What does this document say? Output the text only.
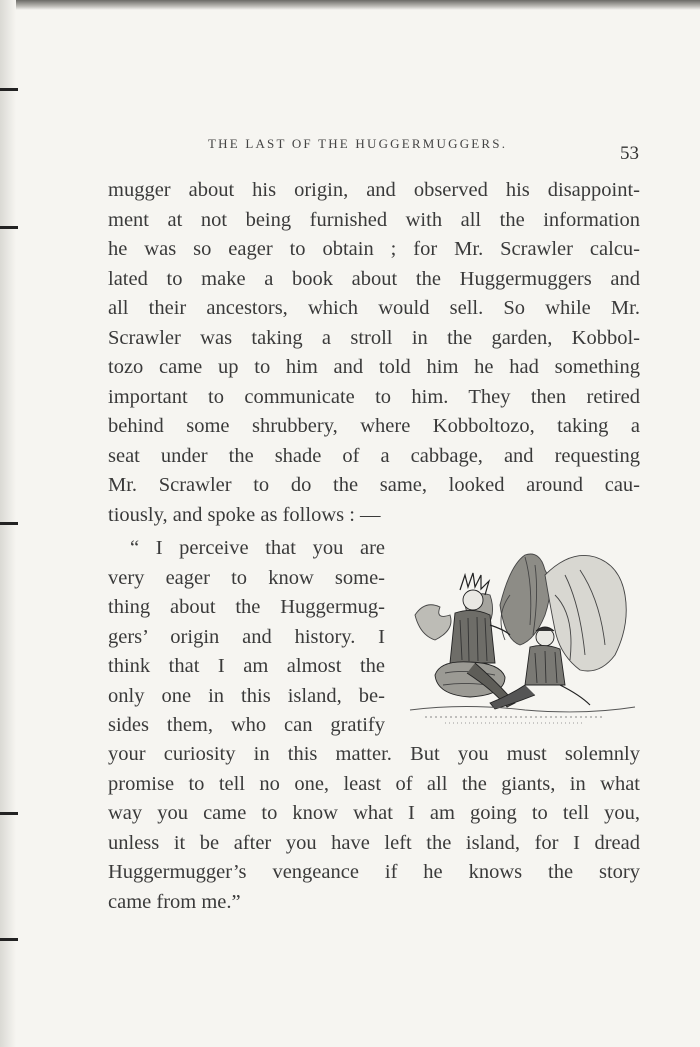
THE LAST OF THE HUGGERMUGGERS.	53
mugger about his origin, and observed his disappoint-
ment at not being furnished with all the information
he was so eager to obtain ; for Mr. Scrawler calcu-
lated to make a book about the Huggermuggers and
all their ancestors, which would sell. So while Mr.
Scrawler was taking a stroll in the garden, Kobbol-
tozo came up to him and told him he had something
important to communicate to him. They then retired
behind some shrubbery, where Kobboltozo, taking a
seat under the shade of a cabbage, and requesting
Mr. Scrawler to do the same, looked around cau-
tiously, and spoke as follows : —
“ I perceive that you are
very eager to know some-
thing about the Huggermug-
gers’ origin and history. I
think that I am almost the
only one in this island, be-
sides them, who can gratify
your curiosity in this matter. But you must solemnly
promise to tell no one, least of all the giants, in what
way you came to know what I am going to tell you,
unless it be after you have left the island, for I dread
Huggermugger’s vengeance if he knows the story
came from me.”
